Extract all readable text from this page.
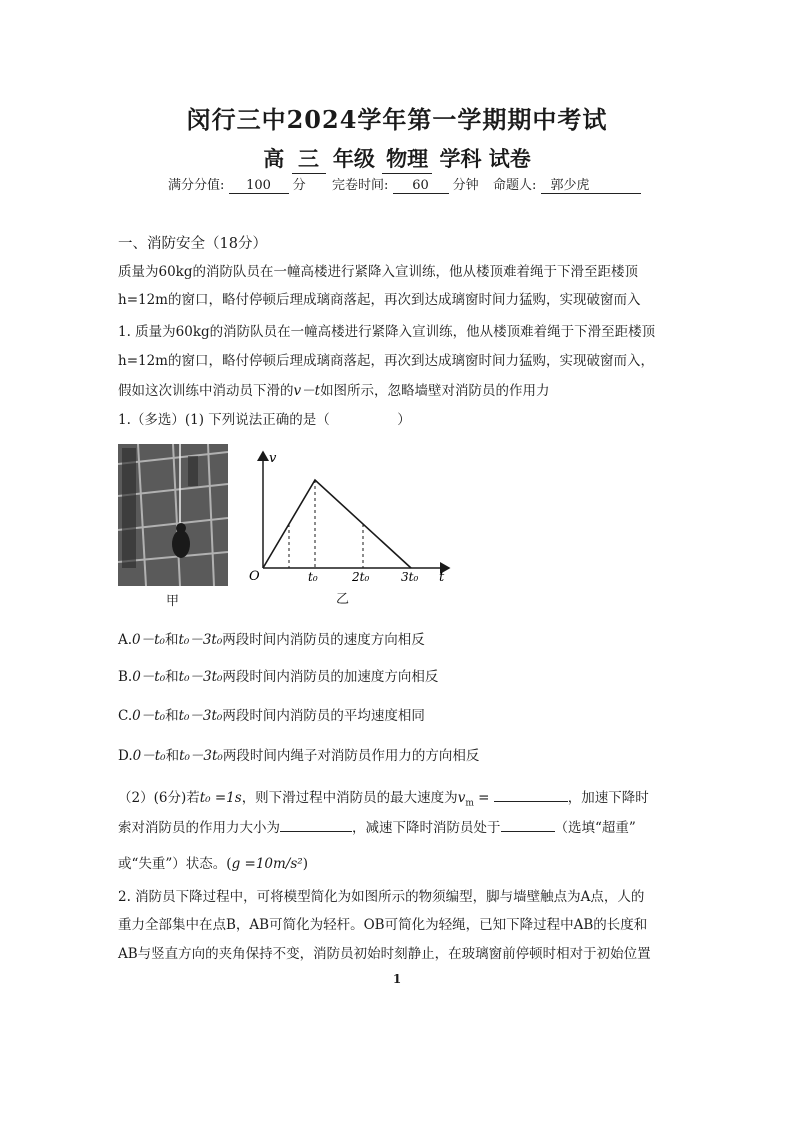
闵行三中2024学年第一学期期中考试
高 三 年级 物理 学科 试卷
满分分值: 100 分 完卷时间: 60 分钟 命题人: 郭少虎
一、消防安全（18分）
质量为60kg的消防队员在一幢高楼进行紧降入宣训练，他从楼顶难着绳于下滑至距楼顶
h=12m的窗口，略付停顿后理成璃商落起，再次到达成璃窗时间力猛购，实现破窗而入
1. 质量为60kg的消防队员在一幢高楼进行紧降入宣训练，他从楼顶难着绳于下滑至距楼顶
h=12m的窗口，略付停顿后理成璃商落起，再次到达成璃窗时间力猛购，实现破窗而入，
假如这次训练中消动员下滑的v－t如图所示，忽略墙壁对消防员的作用力
1.（多选）(1) 下列说法正确的是（　　　　　）
甲
v
O	t₀	2t₀	3t₀ t
乙
A.0－t₀和t₀－3t₀两段时间内消防员的速度方向相反
B.0－t₀和t₀－3t₀两段时间内消防员的加速度方向相反
C.0－t₀和t₀－3t₀两段时间内消防员的平均速度相同
D.0－t₀和t₀－3t₀两段时间内绳子对消防员作用力的方向相反
（2）(6分)若t₀ =1s，则下滑过程中消防员的最大速度为$v_m$ =	，加速下降时
索对消防员的作用力大小为	，减速下降时消防员处于	（选填“超重”
或“失重”）状态。(g =10m/s²)
2. 消防员下降过程中，可将模型简化为如图所示的物须编型，脚与墙壁触点为A点，人的
重力全部集中在点B，AB可简化为轻杆。OB可简化为轻绳，已知下降过程中AB的长度和
AB与竖直方向的夹角保持不变，消防员初始时刻静止，在玻璃窗前停顿时相对于初始位置
1
